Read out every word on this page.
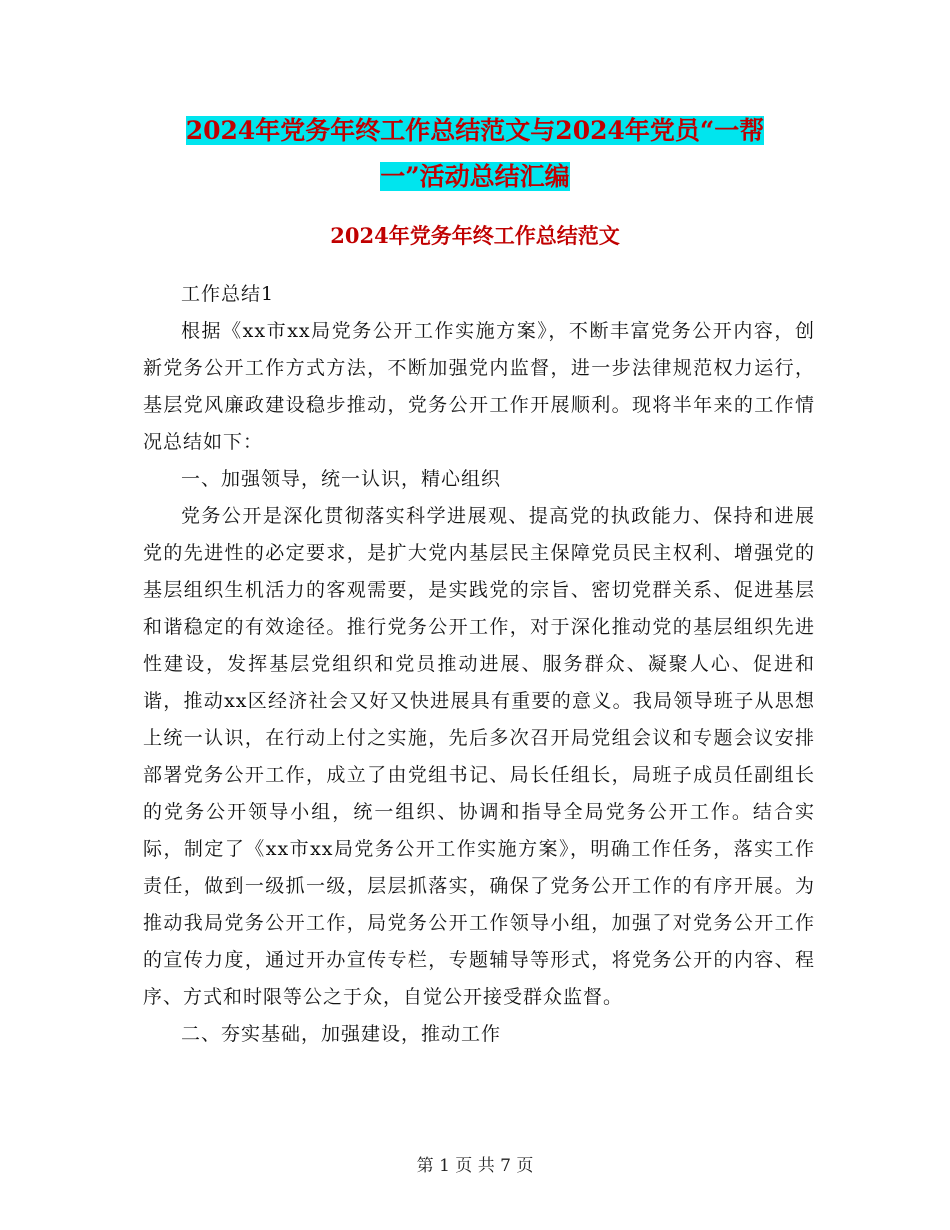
2024年党务年终工作总结范文与2024年党员“一帮
一”活动总结汇编
2024年党务年终工作总结范文

工作总结1

根据《xx市xx局党务公开工作实施方案》，不断丰富党务公开内容，创新党务公开工作方式方法，不断加强党内监督，进一步法律规范权力运行，基层党风廉政建设稳步推动，党务公开工作开展顺利。现将半年来的工作情况总结如下：

一、加强领导，统一认识，精心组织

党务公开是深化贯彻落实科学进展观、提高党的执政能力、保持和进展党的先进性的必定要求，是扩大党内基层民主保障党员民主权利、增强党的基层组织生机活力的客观需要，是实践党的宗旨、密切党群关系、促进基层和谐稳定的有效途径。推行党务公开工作，对于深化推动党的基层组织先进性建设，发挥基层党组织和党员推动进展、服务群众、凝聚人心、促进和谐，推动xx区经济社会又好又快进展具有重要的意义。我局领导班子从思想上统一认识，在行动上付之实施，先后多次召开局党组会议和专题会议安排部署党务公开工作，成立了由党组书记、局长任组长，局班子成员任副组长的党务公开领导小组，统一组织、协调和指导全局党务公开工作。结合实际，制定了《xx市xx局党务公开工作实施方案》，明确工作任务，落实工作责任，做到一级抓一级，层层抓落实，确保了党务公开工作的有序开展。为推动我局党务公开工作，局党务公开工作领导小组，加强了对党务公开工作的宣传力度，通过开办宣传专栏，专题辅导等形式，将党务公开的内容、程序、方式和时限等公之于众，自觉公开接受群众监督。

二、夯实基础，加强建设，推动工作

第 1 页 共 7 页
